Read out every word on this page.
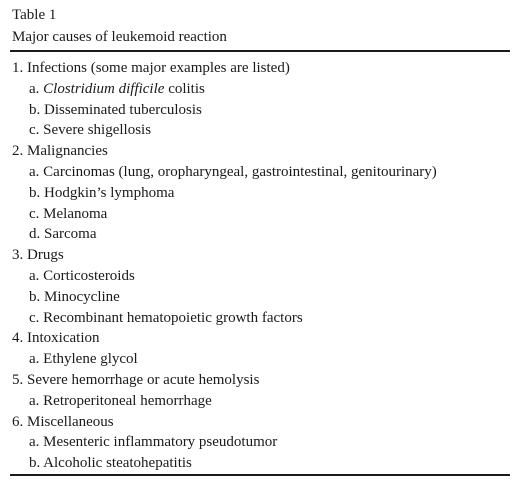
Table 1
Major causes of leukemoid reaction
1. Infections (some major examples are listed)
a. Clostridium difficile colitis
b. Disseminated tuberculosis
c. Severe shigellosis
2. Malignancies
a. Carcinomas (lung, oropharyngeal, gastrointestinal, genitourinary)
b. Hodgkin’s lymphoma
c. Melanoma
d. Sarcoma
3. Drugs
a. Corticosteroids
b. Minocycline
c. Recombinant hematopoietic growth factors
4. Intoxication
a. Ethylene glycol
5. Severe hemorrhage or acute hemolysis
a. Retroperitoneal hemorrhage
6. Miscellaneous
a. Mesenteric inflammatory pseudotumor
b. Alcoholic steatohepatitis
